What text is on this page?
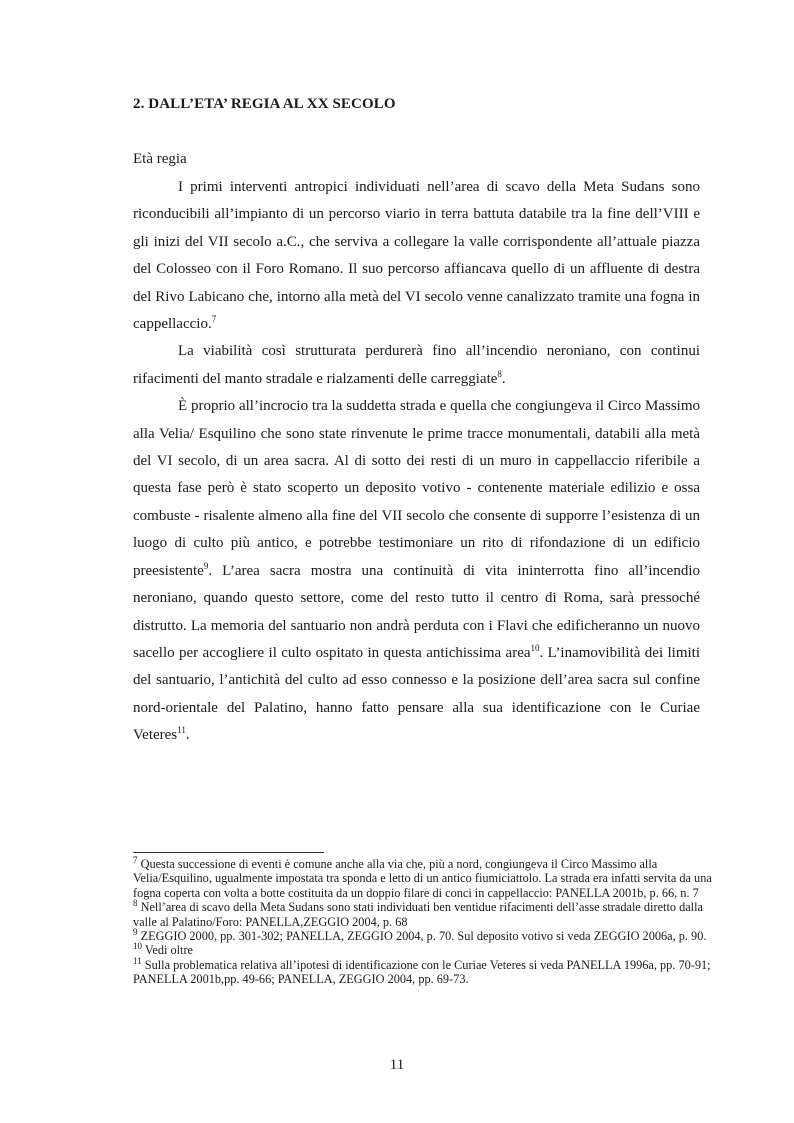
2. DALL’ETA’ REGIA AL XX SECOLO
Età regia

I primi interventi antropici individuati nell’area di scavo della Meta Sudans sono riconducibili all’impianto di un percorso viario in terra battuta databile tra la fine dell’VIII e gli inizi del VII secolo a.C., che serviva a collegare la valle corrispondente all’attuale piazza del Colosseo con il Foro Romano. Il suo percorso affiancava quello di un affluente di destra del Rivo Labicano che, intorno alla metà del VI secolo venne canalizzato tramite una fogna in cappellaccio.$^7$

La viabilità così strutturata perdurerà fino all’incendio neroniano, con continui rifacimenti del manto stradale e rialzamenti delle carreggiate$^8$.

È proprio all’incrocio tra la suddetta strada e quella che congiungeva il Circo Massimo alla Velia/ Esquilino che sono state rinvenute le prime tracce monumentali, databili alla metà del VI secolo, di un area sacra. Al di sotto dei resti di un muro in cappellaccio riferibile a questa fase però è stato scoperto un deposito votivo - contenente materiale edilizio e ossa combuste - risalente almeno alla fine del VII secolo che consente di supporre l’esistenza di un luogo di culto più antico, e potrebbe testimoniare un rito di rifondazione di un edificio preesistente$^9$. L’area sacra mostra una continuità di vita ininterrotta fino all’incendio neroniano, quando questo settore, come del resto tutto il centro di Roma, sarà pressoché distrutto. La memoria del santuario non andrà perduta con i Flavi che edificheranno un nuovo sacello per accogliere il culto ospitato in questa antichissima area$^{10}$. L’inamovibilità dei limiti del santuario, l’antichità del culto ad esso connesso e la posizione dell’area sacra sul confine nord-orientale del Palatino, hanno fatto pensare alla sua identificazione con le Curiae Veteres$^{11}$.

$^7$ Questa successione di eventi è comune anche alla via che, più a nord, congiungeva il Circo Massimo alla Velia/Esquilino, ugualmente impostata tra sponda e letto di un antico fiumiciattolo. La strada era infatti servita da una fogna coperta con volta a botte costituita da un doppio filare di conci in cappellaccio: PANELLA 2001b, p. 66, n. 7

$^8$ Nell’area di scavo della Meta Sudans sono stati individuati ben ventidue rifacimenti dell’asse stradale diretto dalla valle al Palatino/Foro: PANELLA,ZEGGIO 2004, p. 68

$^9$ ZEGGIO 2000, pp. 301-302; PANELLA, ZEGGIO 2004, p. 70. Sul deposito votivo si veda ZEGGIO 2006a, p. 90.

$^{10}$ Vedi oltre

$^{11}$ Sulla problematica relativa all’ipotesi di identificazione con le Curiae Veteres si veda PANELLA 1996a, pp. 70-91; PANELLA 2001b,pp. 49-66; PANELLA, ZEGGIO 2004, pp. 69-73.

11
